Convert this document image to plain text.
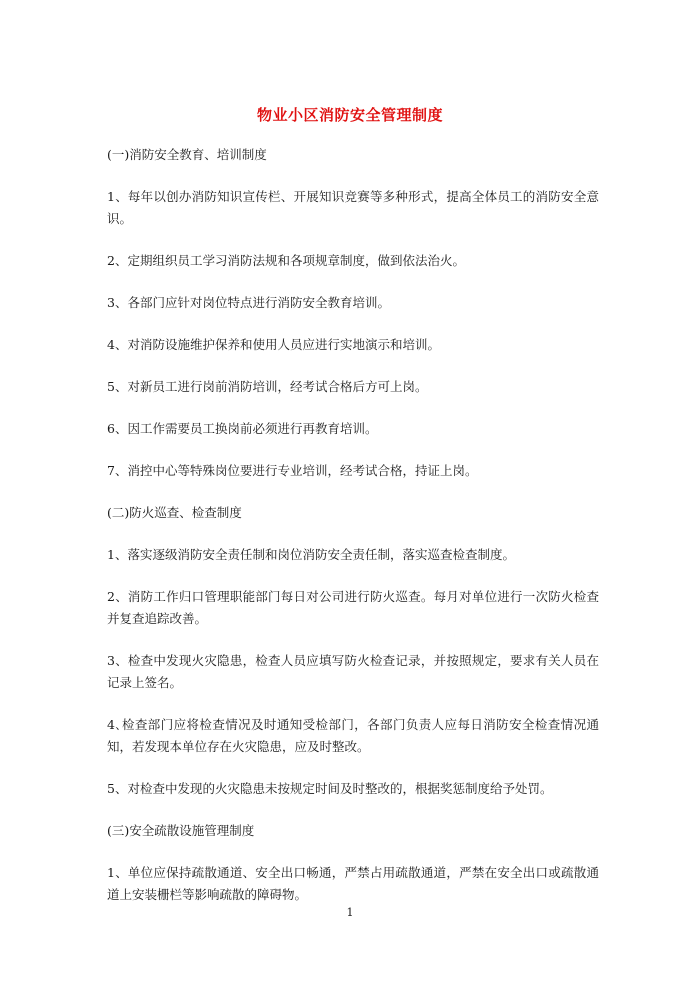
物业小区消防安全管理制度
(一)消防安全教育、培训制度

1、每年以创办消防知识宣传栏、开展知识竞赛等多种形式，提高全体员工的消防安全意识。

2、定期组织员工学习消防法规和各项规章制度，做到依法治火。

3、各部门应针对岗位特点进行消防安全教育培训。

4、对消防设施维护保养和使用人员应进行实地演示和培训。

5、对新员工进行岗前消防培训，经考试合格后方可上岗。

6、因工作需要员工换岗前必须进行再教育培训。

7、消控中心等特殊岗位要进行专业培训，经考试合格，持证上岗。

(二)防火巡查、检查制度

1、落实逐级消防安全责任制和岗位消防安全责任制，落实巡查检查制度。

2、消防工作归口管理职能部门每日对公司进行防火巡查。每月对单位进行一次防火检查并复查追踪改善。

3、检查中发现火灾隐患，检查人员应填写防火检查记录，并按照规定，要求有关人员在记录上签名。

4､检查部门应将检查情况及时通知受检部门，各部门负责人应每日消防安全检查情况通知，若发现本单位存在火灾隐患，应及时整改。

5、对检查中发现的火灾隐患未按规定时间及时整改的，根据奖惩制度给予处罚。

(三)安全疏散设施管理制度

1、单位应保持疏散通道、安全出口畅通，严禁占用疏散通道，严禁在安全出口或疏散通道上安装栅栏等影响疏散的障碍物。

1
